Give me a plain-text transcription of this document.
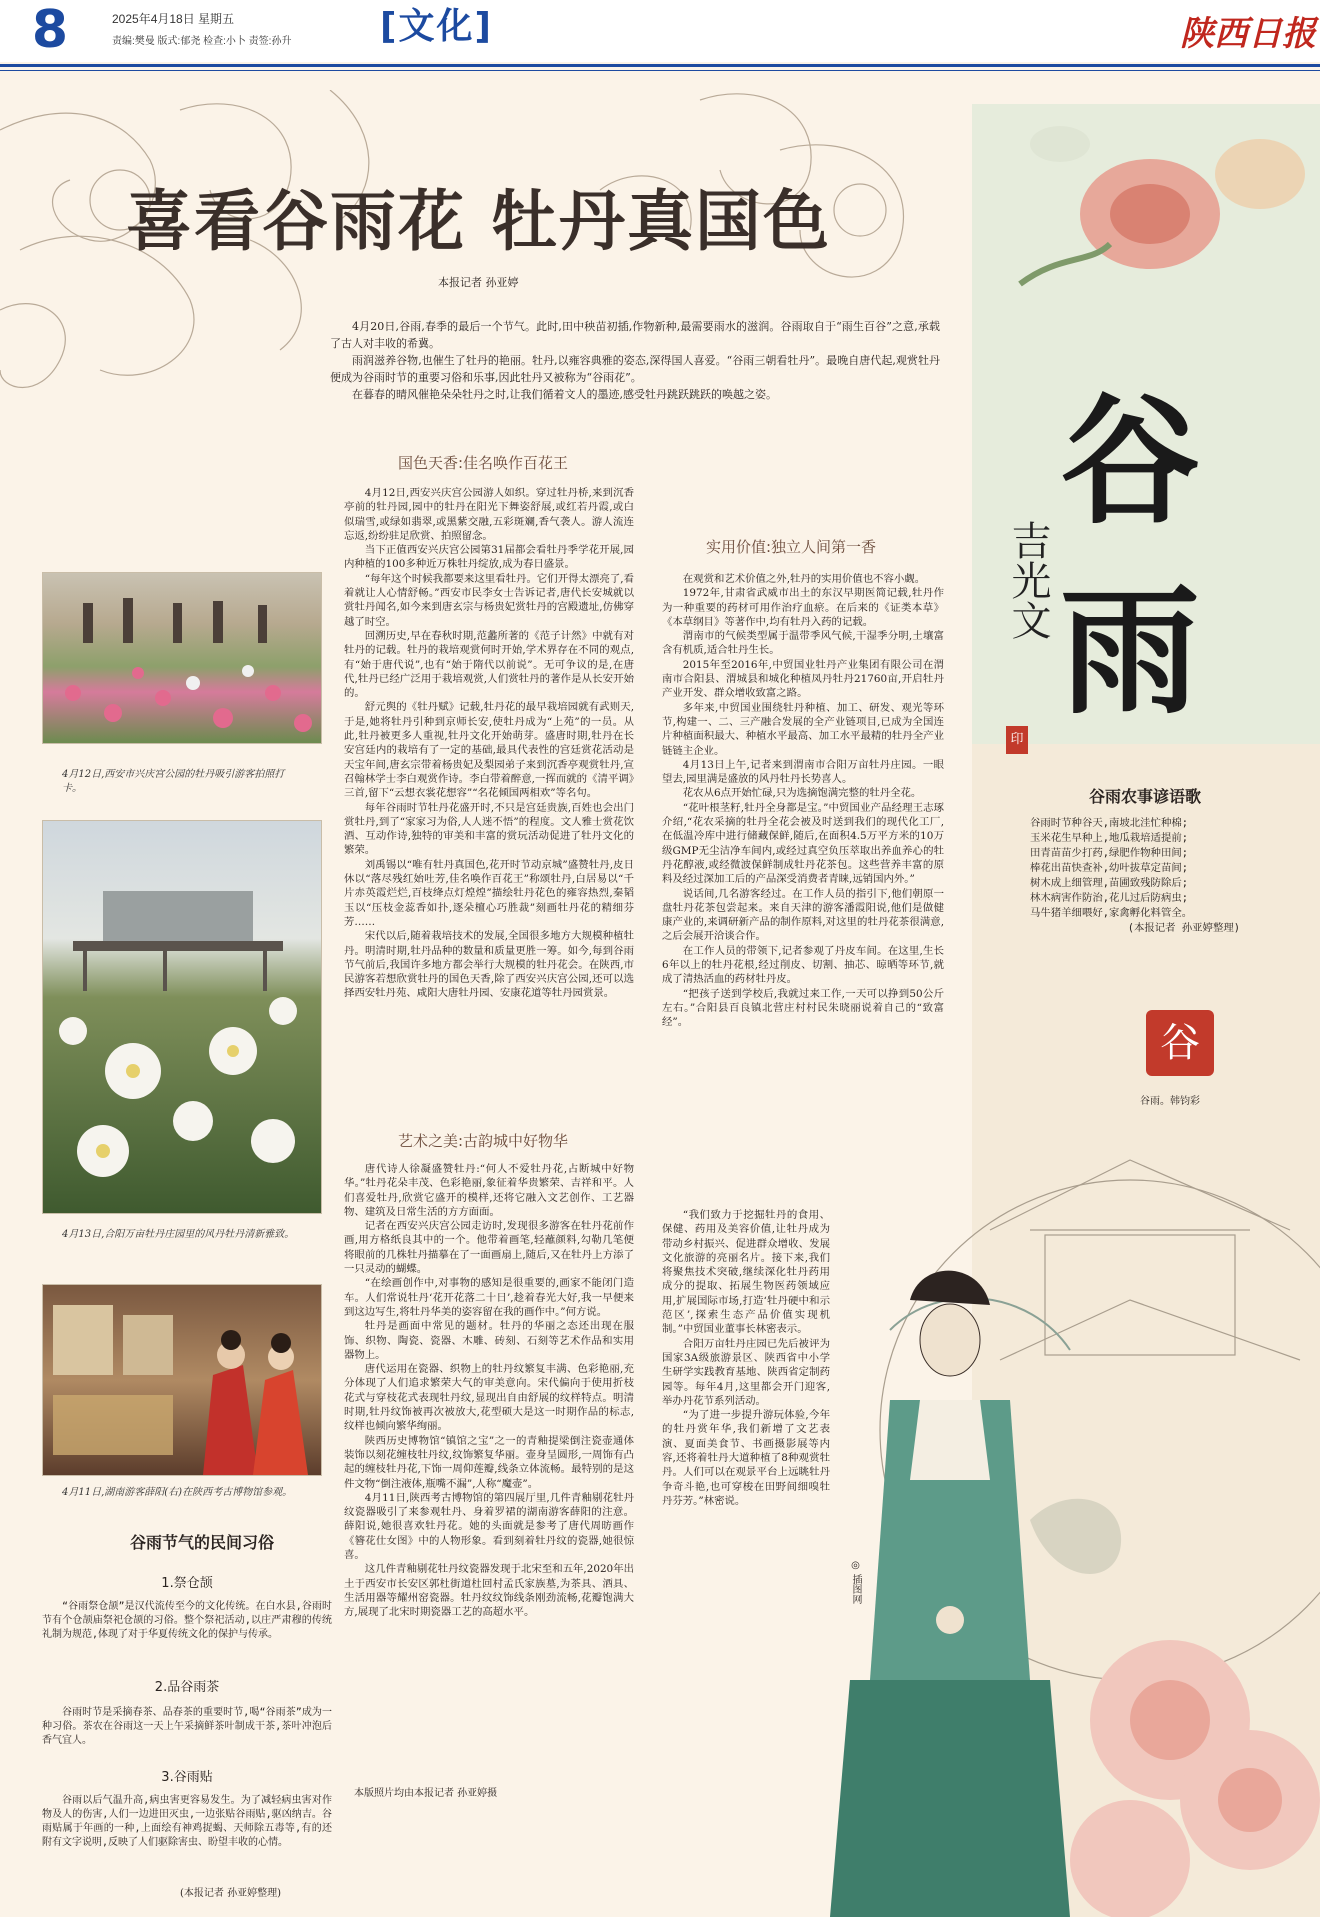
8	2025年4月18日 星期五
责编:樊曼 版式:郁尧 检查:小卜 责签:孙升 [文化]	陕西日报
喜看谷雨花 牡丹真国色
本报记者 孙亚婷

4月20日,谷雨,春季的最后一个节气。此时,田中秧苗初插,作物新种,最需要雨水的滋润。谷雨取自于“雨生百谷”之意,承载了古人对丰收的希冀。

雨润滋养谷物,也催生了牡丹的艳丽。牡丹,以雍容典雅的姿态,深得国人喜爱。“谷雨三朝看牡丹”。最晚自唐代起,观赏牡丹便成为谷雨时节的重要习俗和乐事,因此牡丹又被称为“谷雨花”。

在暮春的晴风催艳朵朵牡丹之时,让我们循着文人的墨迹,感受牡丹跳跃跳跃的唤越之姿。

4月12日,西安市兴庆宫公园的牡丹吸引游客拍照打卡。
4月13日,合阳万亩牡丹庄园里的风丹牡丹清新雅致。
4月11日,湖南游客薛阳(右)在陕西考古博物馆参观。
谷雨节气的民间习俗
1.祭仓颉

“谷雨祭仓颉”是汉代流传至今的文化传统。在白水县,谷雨时节有个仓颉庙祭祀仓颉的习俗。整个祭祀活动,以庄严肃穆的传统礼制为规范,体现了对于华夏传统文化的保护与传承。

2.品谷雨茶

谷雨时节是采摘春茶、品春茶的重要时节,喝“谷雨茶”成为一种习俗。茶农在谷雨这一天上午采摘鲜茶叶制成干茶,茶叶冲泡后香气宜人。

3.谷雨贴

谷雨以后气温升高,病虫害更容易发生。为了减轻病虫害对作物及人的伤害,人们一边进田灭虫,一边张贴谷雨贴,驱凶纳吉。谷雨贴属于年画的一种,上面绘有神鸡捉蝎、天师除五毒等,有的还附有文字说明,反映了人们驱除害虫、盼望丰收的心情。

(本报记者 孙亚婷整理)
国色天香:佳名唤作百花王

4月12日,西安兴庆宫公园游人如织。穿过牡丹桥,来到沉香亭前的牡丹园,园中的牡丹在阳光下舞姿舒展,或红若丹霞,或白似瑞雪,或绿如翡翠,或黑紫交融,五彩斑斓,香气袭人。游人流连忘返,纷纷驻足欣赏、拍照留念。

当下正值西安兴庆宫公园第31届都会看牡丹季学花开展,园内种植的100多种近万株牡丹绽放,成为春日盛景。

“每年这个时候我都要来这里看牡丹。它们开得太漂亮了,看着就让人心情舒畅。”西安市民李女士告诉记者,唐代长安城就以赏牡丹闻名,如今来到唐玄宗与杨贵妃赏牡丹的宫殿遗址,仿佛穿越了时空。

回溯历史,早在春秋时期,范蠡所著的《范子计然》中就有对牡丹的记载。牡丹的栽培观赏何时开始,学术界存在不同的观点,有“始于唐代说”,也有“始于隋代以前说”。无可争议的是,在唐代,牡丹已经广泛用于栽培观赏,人们赏牡丹的著作是从长安开始的。

舒元舆的《牡丹赋》记载,牡丹花的最早栽培园就有武则天,于是,她将牡丹引种到京师长安,使牡丹成为“上苑”的一员。从此,牡丹被更多人重视,牡丹文化开始萌芽。盛唐时期,牡丹在长安宫廷内的栽培有了一定的基础,最具代表性的宫廷赏花活动是天宝年间,唐玄宗带着杨贵妃及梨园弟子来到沉香亭观赏牡丹,宣召翰林学士李白观赏作诗。李白带着醉意,一挥而就的《清平调》三首,留下“云想衣裳花想容”“名花倾国两相欢”等名句。

每年谷雨时节牡丹花盛开时,不只是宫廷贵族,百姓也会出门赏牡丹,到了“家家习为俗,人人迷不悟”的程度。文人雅士赏花饮酒、互动作诗,独特的审美和丰富的赏玩活动促进了牡丹文化的繁荣。

刘禹锡以“唯有牡丹真国色,花开时节动京城”盛赞牡丹,皮日休以“落尽残红始吐芳,佳名唤作百花王”称颂牡丹,白居易以“千片赤英霞烂烂,百枝绛点灯煌煌”描绘牡丹花色的雍容热烈,秦韬玉以“压枝金蕊香如扑,逐朵檀心巧胜裁”刻画牡丹花的精细芬芳……

宋代以后,随着栽培技术的发展,全国很多地方大规模种植牡丹。明清时期,牡丹品种的数量和质量更胜一筹。如今,每到谷雨节气前后,我国许多地方都会举行大规模的牡丹花会。在陕西,市民游客若想欣赏牡丹的国色天香,除了西安兴庆宫公园,还可以选择西安牡丹苑、咸阳大唐牡丹园、安康花道等牡丹园赏景。

艺术之美:古韵城中好物华

唐代诗人徐凝盛赞牡丹:“何人不爱牡丹花,占断城中好物华。”牡丹花朵丰茂、色彩艳丽,象征着华贵繁荣、吉祥和平。人们喜爱牡丹,欣赏它盛开的模样,还将它融入文艺创作、工艺器物、建筑及日常生活的方方面面。

记者在西安兴庆宫公园走访时,发现很多游客在牡丹花前作画,用方格纸良其中的一个。他带着画笔,轻蘸颜料,勾勒几笔便将眼前的几株牡丹描摹在了一面画扇上,随后,又在牡丹上方添了一只灵动的蝴蝶。

“在绘画创作中,对事物的感知是很重要的,画家不能闭门造车。人们常说牡丹‘花开花落二十日’,趁着春光大好,我一早便来到这边写生,将牡丹华美的姿容留在我的画作中。”何方说。

牡丹是画面中常见的题材。牡丹的华丽之态还出现在服饰、织物、陶瓷、瓷器、木雕、砖刻、石刻等艺术作品和实用器物上。

唐代运用在瓷器、织物上的牡丹纹繁复丰满、色彩艳丽,充分体现了人们追求繁荣大气的审美意向。宋代偏向于使用折枝花式与穿枝花式表现牡丹纹,显现出自由舒展的纹样特点。明清时期,牡丹纹饰被再次被放大,花型硕大是这一时期作品的标志,纹样也倾向繁华绚丽。

陕西历史博物馆“镇馆之宝”之一的青釉提梁倒注瓷壶通体装饰以刻花缠枝牡丹纹,纹饰繁复华丽。壶身呈圆形,一周饰有凸起的缠枝牡丹花,下饰一周仰莲瓣,线条立体流畅。最特别的是这件文物“倒注液体,瓶嘴不漏”,人称“魔壶”。

4月11日,陕西考古博物馆的第四展厅里,几件青釉剔花牡丹纹瓷器吸引了来参观牡丹、身着罗裙的湖南游客薛阳的注意。薛阳说,她很喜欢牡丹花。她的头面就是参考了唐代周昉画作《簪花仕女图》中的人物形象。看到刻着牡丹纹的瓷器,她很惊喜。

这几件青釉剔花牡丹纹瓷器发现于北宋至和五年,2020年出土于西安市长安区郭杜街道杜回村孟氏家族墓,为茶具、酒具、生活用器等耀州窑瓷器。牡丹纹纹饰线条刚劲流畅,花瓣饱满大方,展现了北宋时期瓷器工艺的高超水平。

本版照片均由本报记者 孙亚婷摄
实用价值:独立人间第一香

在观赏和艺术价值之外,牡丹的实用价值也不容小觑。

1972年,甘肃省武威市出土的东汉早期医简记载,牡丹作为一种重要的药材可用作治疗血瘀。在后来的《证类本草》《本草纲目》等著作中,均有牡丹入药的记载。

渭南市的气候类型属于温带季风气候,干湿季分明,土壤富含有机质,适合牡丹生长。

2015年至2016年,中贸国业牡丹产业集团有限公司在渭南市合阳县、渭城县和城化种植凤丹牡丹21760亩,开启牡丹产业开发、群众增收致富之路。

多年来,中贸国业围绕牡丹种植、加工、研发、观光等环节,构建一、二、三产融合发展的全产业链项目,已成为全国连片种植面积最大、种植水平最高、加工水平最精的牡丹全产业链链主企业。

4月13日上午,记者来到渭南市合阳万亩牡丹庄园。一眼望去,园里满是盛放的风丹牡丹长势喜人。

花农从6点开始忙碌,只为选摘饱满完整的牡丹全花。

“花叶根茎籽,牡丹全身都是宝。”中贸国业产品经理王志琢介绍,“花农采摘的牡丹全花会被及时送到我们的现代化工厂,在低温冷库中进行储藏保鲜,随后,在面积4.5万平方米的10万级GMP无尘洁净车间内,或经过真空负压萃取出养血养心的牡丹花醇液,或经微波保鲜制成牡丹花茶包。这些营养丰富的原料及经过深加工后的产品深受消费者青睐,远销国内外。”

说话间,几名游客经过。在工作人员的指引下,他们朝原一盘牡丹花茶包尝起来。来自天津的游客潘霞阳说,他们是做健康产业的,来调研新产品的制作原料,对这里的牡丹花茶很满意,之后会展开洽谈合作。

在工作人员的带领下,记者参观了丹皮车间。在这里,生长6年以上的牡丹花根,经过削皮、切割、抽芯、晾晒等环节,就成了清热活血的药材牡丹皮。

“把孩子送到学校后,我就过来工作,一天可以挣到50公斤左右。”合阳县百良镇北营庄村村民朱晓丽说着自己的“致富经”。

“我们致力于挖掘牡丹的食用、保健、药用及美容价值,让牡丹成为带动乡村振兴、促进群众增收、发展文化旅游的亮丽名片。接下来,我们将聚焦技术突破,继续深化牡丹药用成分的提取、拓展生物医药领域应用,扩展国际市场,打造‘牡丹硬中和示范区’,探索生态产品价值实现机制。”中贸国业董事长林密表示。

合阳万亩牡丹庄园已先后被评为国家3A级旅游景区、陕西省中小学生研学实践教育基地、陕西省定制药园等。每年4月,这里都会开门迎客,举办丹花节系列活动。

“为了进一步提升游玩体验,今年的牡丹赏年华,我们新增了文艺表演、夏面美食节、书画摄影展等内容,还将着牡丹大道种植了8种观赏牡丹。人们可以在观景平台上远眺牡丹争奇斗艳,也可穿梭在田野间细嗅牡丹芬芳。”林密说。

谷
雨
吉光文
印
谷雨农事谚语歌
谷雨时节种谷天,南坡北洼忙种棉;
玉米花生早种上,地瓜栽培适提前;
田青苗苗少打药,绿肥作物种田间;
棒花出苗快查补,幼叶拔草定苗间;
树木成上细管理,苗圃致残防除后;
林木病害作防治,花儿过后防病虫;
马牛猪羊细喂好,家禽孵化料管全。
(本报记者 孙亚婷整理)
谷
谷雨。韩钧彩
◎ 插图网
